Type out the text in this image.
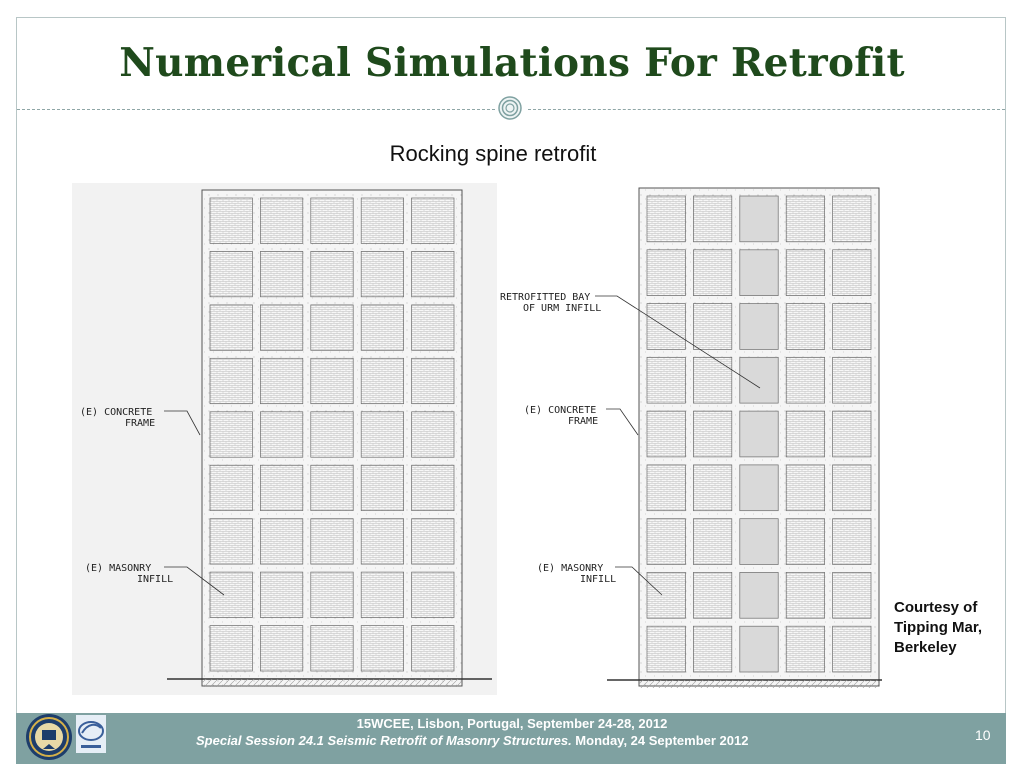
Numerical Simulations For Retrofit
Rocking spine retrofit
(E) CONCRETE
FRAME
(E) MASONRY
INFILL
RETROFITTED BAY
OF URM INFILL
(E) CONCRETE
FRAME
(E) MASONRY
INFILL
Courtesy of
Tipping Mar,
Berkeley
15WCEE, Lisbon, Portugal, September 24-28, 2012
Special Session 24.1 Seismic Retrofit of Masonry Structures. Monday, 24 September 2012	10
